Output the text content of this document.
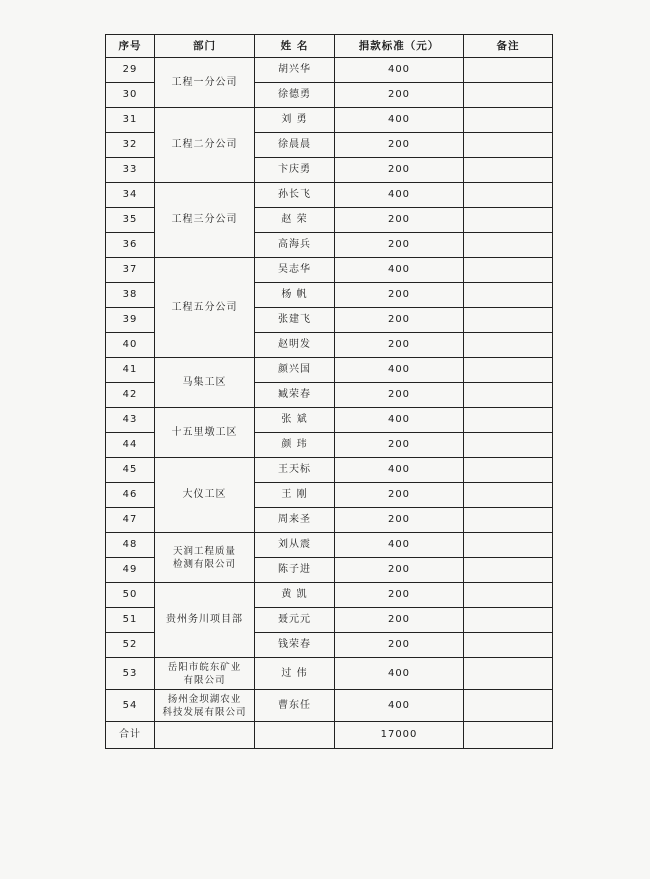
序号	部门	姓 名	捐款标准（元）	备注
29	工程一分公司	胡兴华	400	
30		徐德勇	200	
31	工程二分公司	刘 勇	400	
32		徐晨晨	200	
33		卞庆勇	200	
34	工程三分公司	孙长飞	400	
35		赵 荣	200	
36		高海兵	200	
37	工程五分公司	吴志华	400	
38		杨 帆	200	
39		张建飞	200	
40		赵明发	200	
41	马集工区	颜兴国	400	
42		臧荣春	200	
43	十五里墩工区	张 斌	400	
44		颜 玮	200	
45	大仪工区	王天标	400	
46		王 刚	200	
47		周来圣	200	
48	天润工程质量
检测有限公司	刘从震	400	
49		陈子进	200	
50	贵州务川项目部	黄 凯	200	
51		聂元元	200	
52		钱荣春	200	
53	岳阳市皖东矿业
有限公司	过 伟	400	
54	扬州金坝湖农业
科技发展有限公司	曹东任	400	
合计			17000	
